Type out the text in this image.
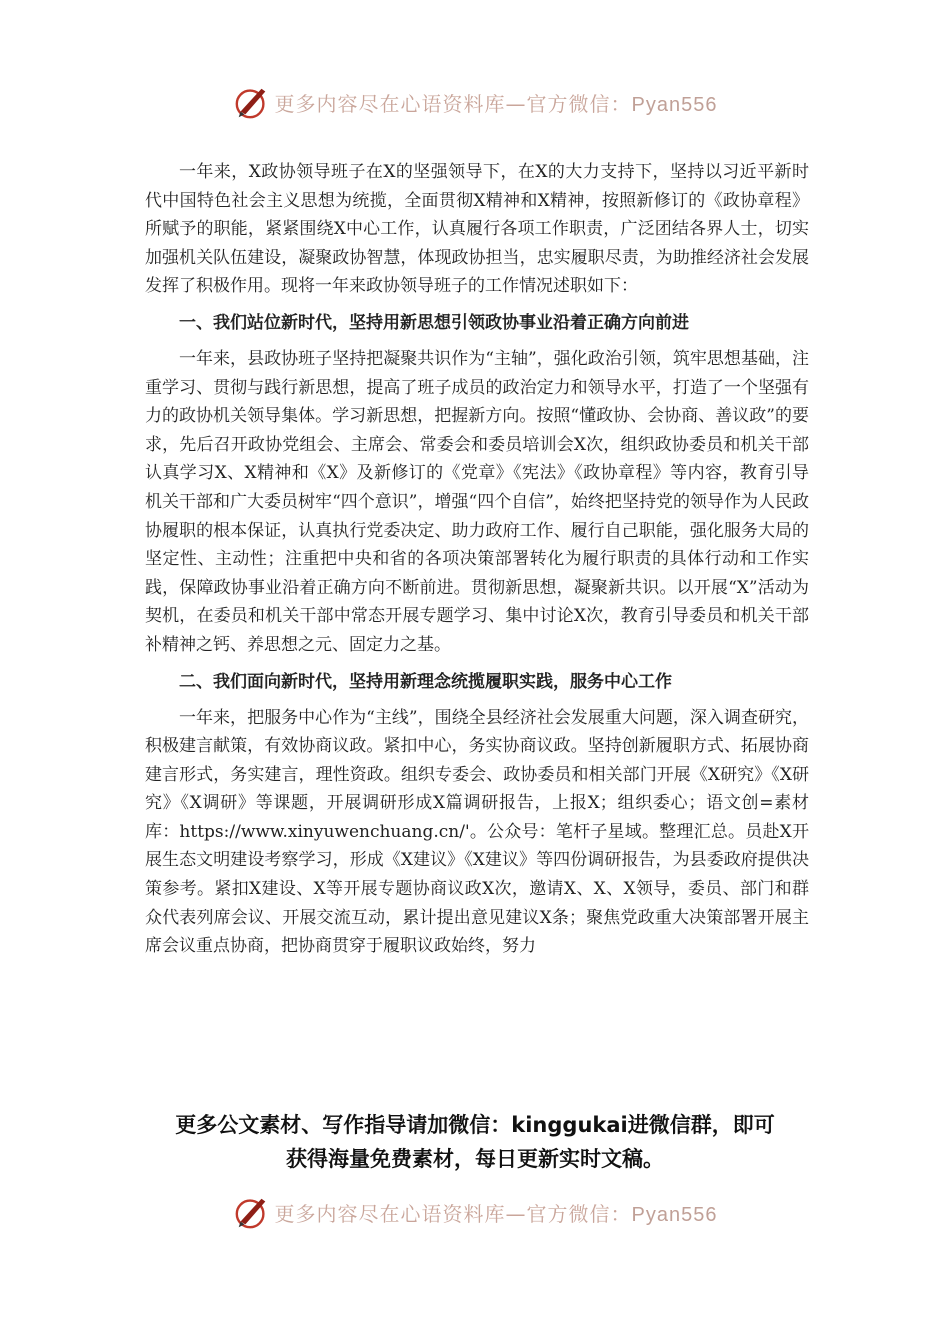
更多内容尽在心语资料库—官方微信：Pyan556

一年来，X政协领导班子在X的坚强领导下，在X的大力支持下，坚持以习近平新时代中国特色社会主义思想为统揽，全面贯彻X精神和X精神，按照新修订的《政协章程》所赋予的职能，紧紧围绕X中心工作，认真履行各项工作职责，广泛团结各界人士，切实加强机关队伍建设，凝聚政协智慧，体现政协担当，忠实履职尽责，为助推经济社会发展发挥了积极作用。现将一年来政协领导班子的工作情况述职如下：

一、我们站位新时代，坚持用新思想引领政协事业沿着正确方向前进

一年来，县政协班子坚持把凝聚共识作为“主轴”，强化政治引领，筑牢思想基础，注重学习、贯彻与践行新思想，提高了班子成员的政治定力和领导水平，打造了一个坚强有力的政协机关领导集体。学习新思想，把握新方向。按照“懂政协、会协商、善议政”的要求，先后召开政协党组会、主席会、常委会和委员培训会X次，组织政协委员和机关干部认真学习X、X精神和《X》及新修订的《党章》《宪法》《政协章程》等内容，教育引导机关干部和广大委员树牢“四个意识”，增强“四个自信”，始终把坚持党的领导作为人民政协履职的根本保证，认真执行党委决定、助力政府工作、履行自己职能，强化服务大局的坚定性、主动性；注重把中央和省的各项决策部署转化为履行职责的具体行动和工作实践，保障政协事业沿着正确方向不断前进。贯彻新思想，凝聚新共识。以开展“X”活动为契机，在委员和机关干部中常态开展专题学习、集中讨论X次，教育引导委员和机关干部补精神之钙、养思想之元、固定力之基。

二、我们面向新时代，坚持用新理念统揽履职实践，服务中心工作

一年来，把服务中心作为“主线”，围绕全县经济社会发展重大问题，深入调查研究，积极建言献策，有效协商议政。紧扣中心，务实协商议政。坚持创新履职方式、拓展协商建言形式，务实建言，理性资政。组织专委会、政协委员和相关部门开展《X研究》《X研究》《X调研》等课题，开展调研形成X篇调研报告，上报X；组织委心；语文创=素材库：https://www.xinyuwenchuang.cn/'。公众号：笔杆子星域。整理汇总。员赴X开展生态文明建设考察学习，形成《X建议》《X建议》等四份调研报告，为县委政府提供决策参考。紧扣X建设、X等开展专题协商议政X次，邀请X、X、X领导，委员、部门和群众代表列席会议、开展交流互动，累计提出意见建议X条；聚焦党政重大决策部署开展主席会议重点协商，把协商贯穿于履职议政始终，努力

更多公文素材、写作指导请加微信：kinggukai进微信群，即可
获得海量免费素材，每日更新实时文稿。
更多内容尽在心语资料库—官方微信：Pyan556
